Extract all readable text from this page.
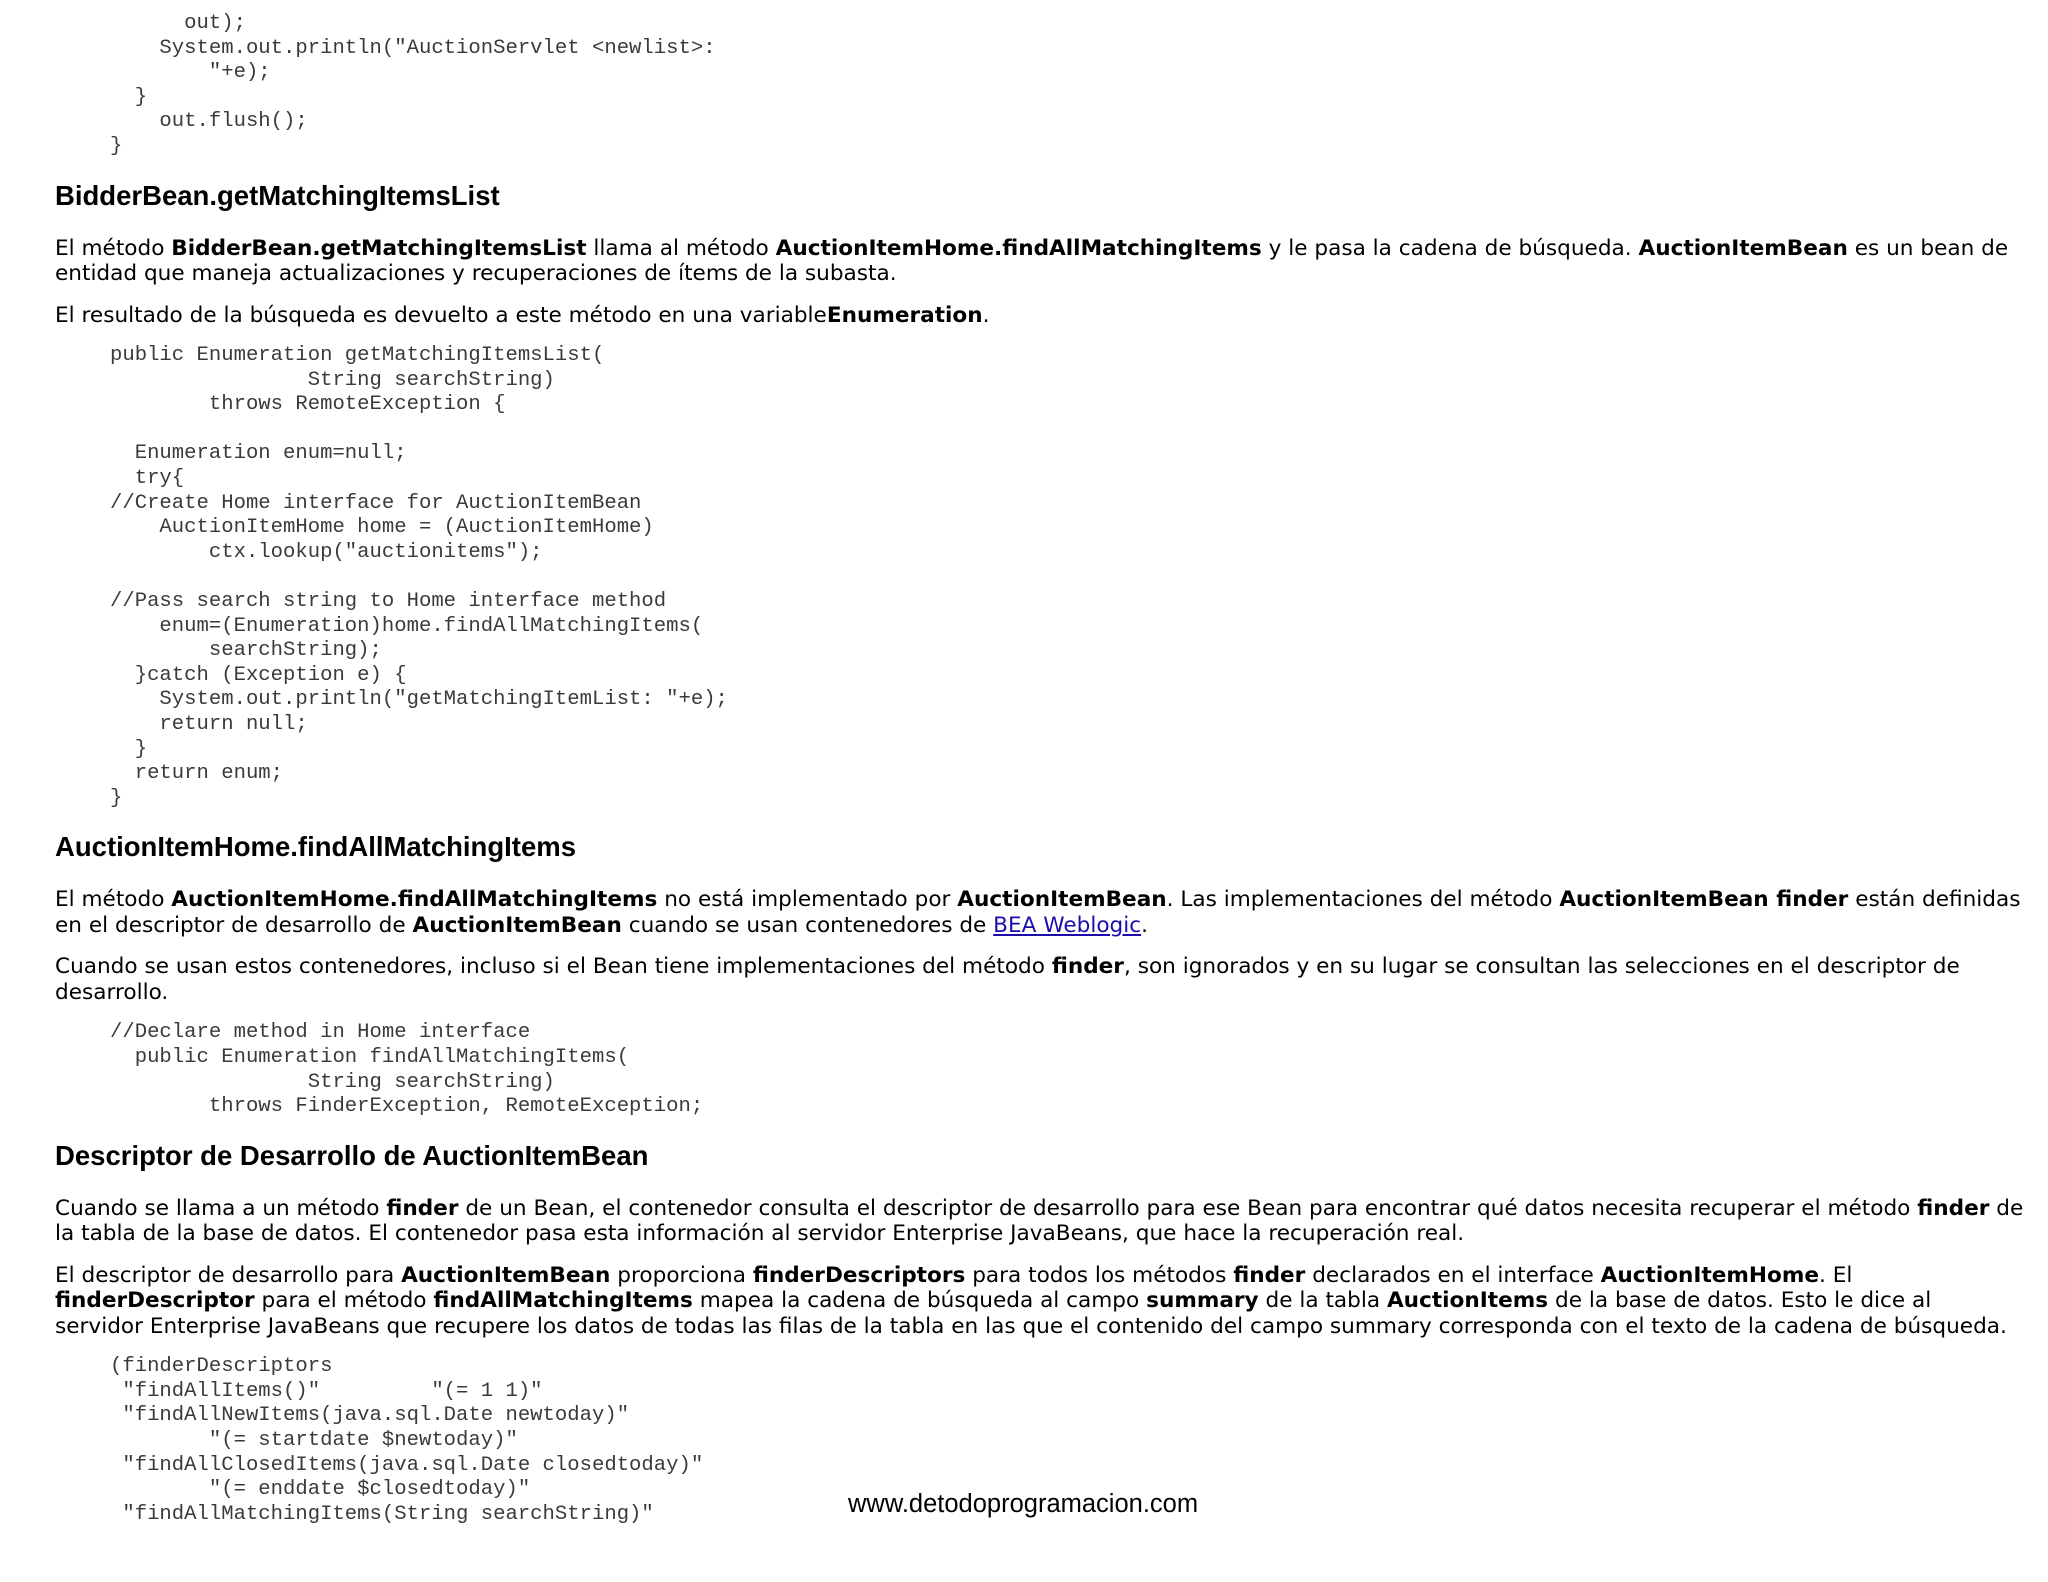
out);
System.out.println("AuctionServlet <newlist>:
"+e);
}
out.flush();
}
BidderBean.getMatchingItemsList

El método BidderBean.getMatchingItemsList llama al método AuctionItemHome.findAllMatchingItems y le pasa la cadena de búsqueda. AuctionItemBean es un bean de entidad que maneja actualizaciones y recuperaciones de ítems de la subasta.

El resultado de la búsqueda es devuelto a este método en una variableEnumeration.

public Enumeration getMatchingItemsList(
String searchString)
throws RemoteException {

Enumeration enum=null;
try{
//Create Home interface for AuctionItemBean
AuctionItemHome home = (AuctionItemHome)
ctx.lookup("auctionitems");

//Pass search string to Home interface method
enum=(Enumeration)home.findAllMatchingItems(
searchString);
}catch (Exception e) {
System.out.println("getMatchingItemList: "+e);
return null;
}
return enum;
}
AuctionItemHome.findAllMatchingItems

El método AuctionItemHome.findAllMatchingItems no está implementado por AuctionItemBean. Las implementaciones del método AuctionItemBean finder están definidas en el descriptor de desarrollo de AuctionItemBean cuando se usan contenedores de BEA Weblogic.

Cuando se usan estos contenedores, incluso si el Bean tiene implementaciones del método finder, son ignorados y en su lugar se consultan las selecciones en el descriptor de desarrollo.

//Declare method in Home interface
public Enumeration findAllMatchingItems(
String searchString)
throws FinderException, RemoteException;
Descriptor de Desarrollo de AuctionItemBean

Cuando se llama a un método finder de un Bean, el contenedor consulta el descriptor de desarrollo para ese Bean para encontrar qué datos necesita recuperar el método finder de la tabla de la base de datos. El contenedor pasa esta información al servidor Enterprise JavaBeans, que hace la recuperación real.

El descriptor de desarrollo para AuctionItemBean proporciona finderDescriptors para todos los métodos finder declarados en el interface AuctionItemHome. El finderDescriptor para el método findAllMatchingItems mapea la cadena de búsqueda al campo summary de la tabla AuctionItems de la base de datos. Esto le dice al servidor Enterprise JavaBeans que recupere los datos de todas las filas de la tabla en las que el contenido del campo summary corresponda con el texto de la cadena de búsqueda.

(finderDescriptors
"findAllItems()"         "(= 1 1)"
"findAllNewItems(java.sql.Date newtoday)"
"(= startdate $newtoday)"
"findAllClosedItems(java.sql.Date closedtoday)"
"(= enddate $closedtoday)"
"findAllMatchingItems(String searchString)"	www.detodoprogramacion.com
